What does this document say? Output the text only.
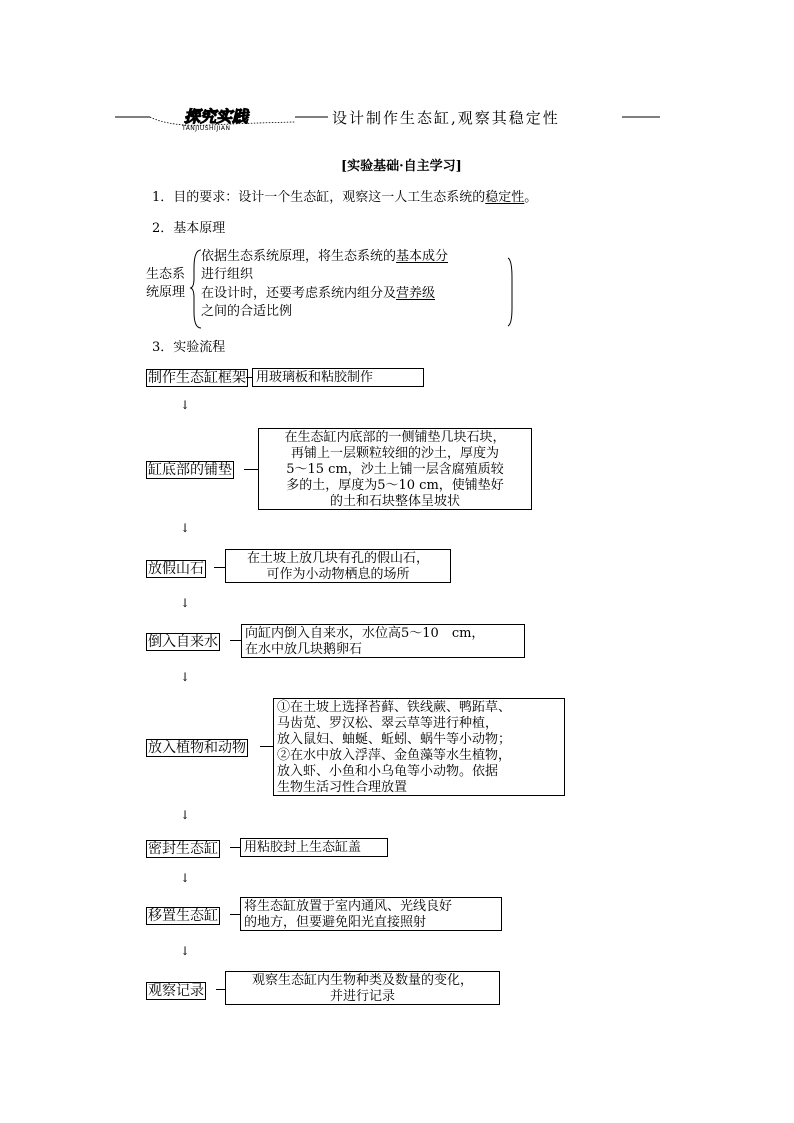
探究实践
TANJIUSHIJIAN
设计制作生态缸,观察其稳定性
[实验基础·自主学习]
1．目的要求：设计一个生态缸，观察这一人工生态系统的稳定性。
2．基本原理
生态系
统原理
依据生态系统原理，将生态系统的基本成分
进行组织
在设计时，还要考虑系统内组分及营养级
之间的合适比例
3．实验流程
制作生态缸框架 用玻璃板和粘胶制作
↓
缸底部的铺垫
在生态缸内底部的一侧铺垫几块石块，
再铺上一层颗粒较细的沙土，厚度为
5～15 cm，沙土上铺一层含腐殖质较
多的土，厚度为5～10 cm，使铺垫好
的土和石块整体呈坡状
↓
放假山石
在土坡上放几块有孔的假山石，
可作为小动物栖息的场所
↓
倒入自来水
向缸内倒入自来水，水位高5～10　cm，
在水中放几块鹅卵石
↓
放入植物和动物
①在土坡上选择苔藓、铁线蕨、鸭跖草、
马齿苋、罗汉松、翠云草等进行种植，
放入鼠妇、蚰蜒、蚯蚓、蜗牛等小动物；
②在水中放入浮萍、金鱼藻等水生植物，
放入虾、小鱼和小乌龟等小动物。依据
生物生活习性合理放置
↓
密封生态缸 用粘胶封上生态缸盖
↓
移置生态缸
将生态缸放置于室内通风、光线良好
的地方，但要避免阳光直接照射
↓
观察记录
观察生态缸内生物种类及数量的变化，
并进行记录
